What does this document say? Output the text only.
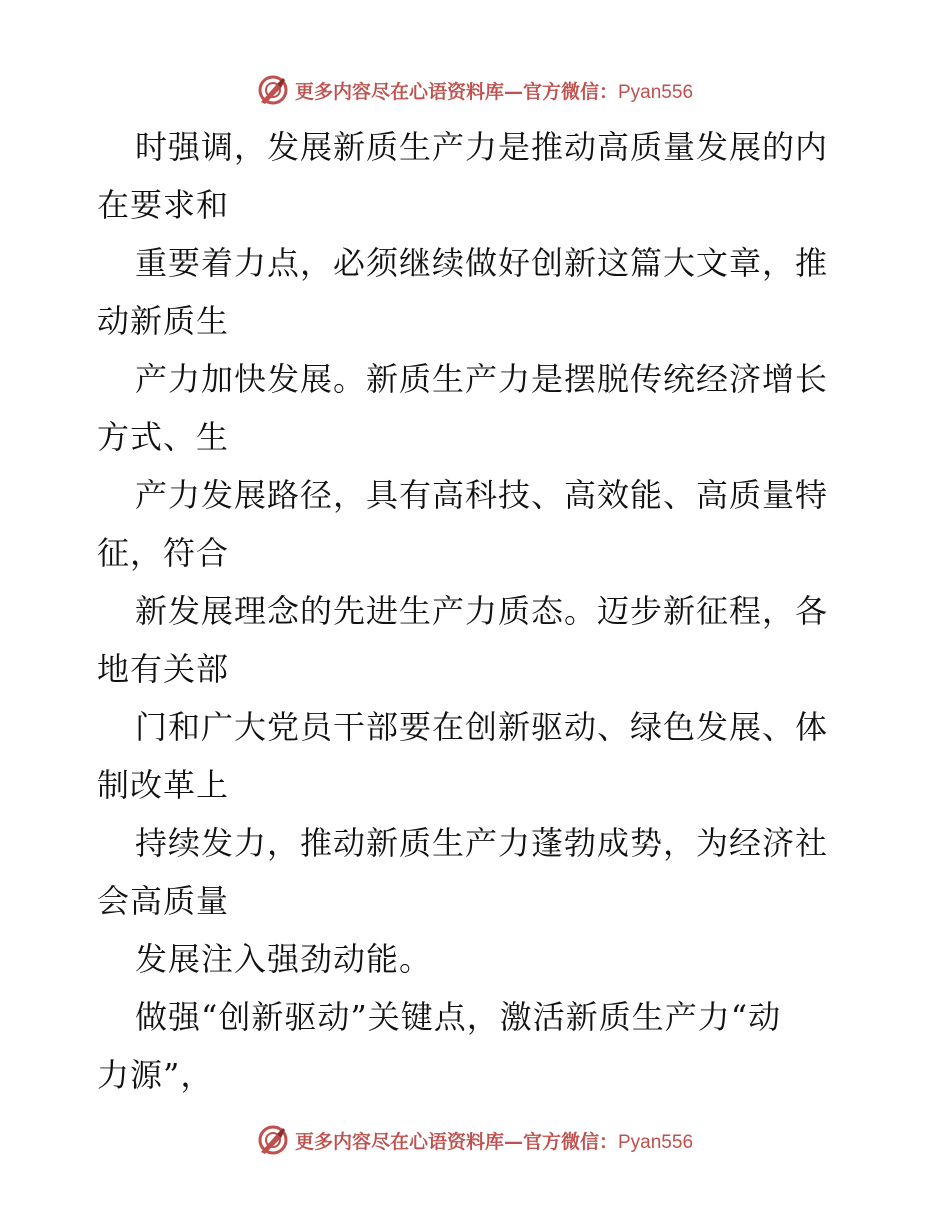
更多内容尽在心语资料库—官方微信：Pyan556
时强调，发展新质生产力是推动高质量发展的内
在要求和
重要着力点，必须继续做好创新这篇大文章，推
动新质生
产力加快发展。新质生产力是摆脱传统经济增长
方式、生
产力发展路径，具有高科技、高效能、高质量特
征，符合
新发展理念的先进生产力质态。迈步新征程，各
地有关部
门和广大党员干部要在创新驱动、绿色发展、体
制改革上
持续发力，推动新质生产力蓬勃成势，为经济社
会高质量
发展注入强劲动能。
做强“创新驱动”关键点，激活新质生产力“动
力源”，
更多内容尽在心语资料库—官方微信：Pyan556
